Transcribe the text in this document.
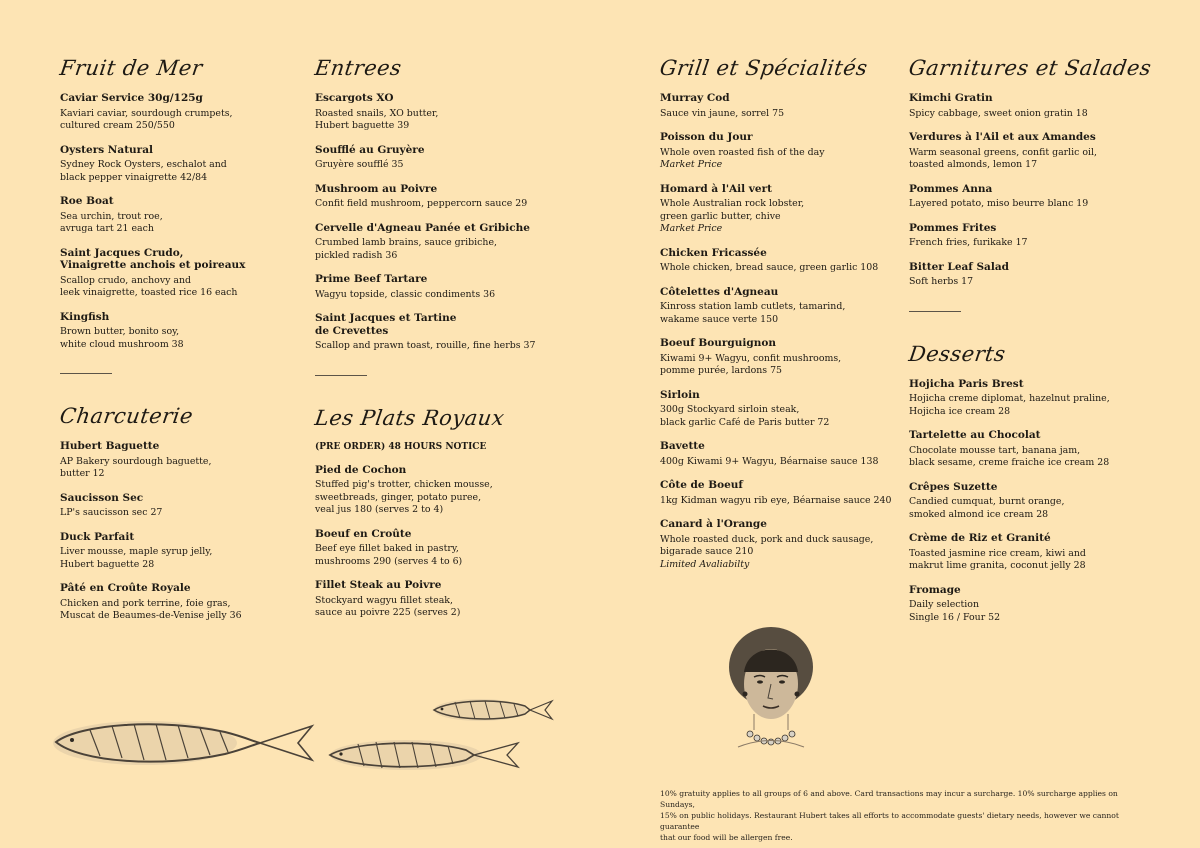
Fruit de Mer
Caviar Service 30g/125g
Kaviari caviar, sourdough crumpets,
cultured cream 250/550
Oysters Natural
Sydney Rock Oysters, eschalot and
black pepper vinaigrette 42/84
Roe Boat
Sea urchin, trout roe,
avruga tart 21 each
Saint Jacques Crudo,
Vinaigrette anchois et poireaux
Scallop crudo, anchovy and
leek vinaigrette, toasted rice 16 each
Kingfish
Brown butter, bonito soy,
white cloud mushroom 38
Charcuterie
Hubert Baguette
AP Bakery sourdough baguette,
butter 12
Saucisson Sec
LP's saucisson sec 27
Duck Parfait
Liver mousse, maple syrup jelly,
Hubert baguette 28
Pâté en Croûte Royale
Chicken and pork terrine, foie gras,
Muscat de Beaumes-de-Venise jelly 36
Entrees
Escargots XO
Roasted snails, XO butter,
Hubert baguette 39
Soufflé au Gruyère
Gruyère soufflé 35
Mushroom au Poivre
Confit field mushroom, peppercorn sauce 29
Cervelle d'Agneau Panée et Gribiche
Crumbed lamb brains, sauce gribiche,
pickled radish 36
Prime Beef Tartare
Wagyu topside, classic condiments 36
Saint Jacques et Tartine
de Crevettes
Scallop and prawn toast, rouille, fine herbs 37
Les Plats Royaux
(PRE ORDER) 48 HOURS NOTICE
Pied de Cochon
Stuffed pig's trotter, chicken mousse,
sweetbreads, ginger, potato puree,
veal jus 180 (serves 2 to 4)
Boeuf en Croûte
Beef eye fillet baked in pastry,
mushrooms 290 (serves 4 to 6)
Fillet Steak au Poivre
Stockyard wagyu fillet steak,
sauce au poivre 225 (serves 2)
Grill et Spécialités
Murray Cod
Sauce vin jaune, sorrel 75
Poisson du Jour
Whole oven roasted fish of the day
Market Price
Homard à l'Ail vert
Whole Australian rock lobster,
green garlic butter, chive
Market Price
Chicken Fricassée
Whole chicken, bread sauce, green garlic 108
Côtelettes d'Agneau
Kinross station lamb cutlets, tamarind,
wakame sauce verte 150
Boeuf Bourguignon
Kiwami 9+ Wagyu, confit mushrooms,
pomme purée, lardons 75
Sirloin
300g Stockyard sirloin steak,
black garlic Café de Paris butter 72
Bavette
400g Kiwami 9+ Wagyu, Béarnaise sauce 138
Côte de Boeuf
1kg Kidman wagyu rib eye, Béarnaise sauce 240
Canard à l'Orange
Whole roasted duck, pork and duck sausage,
bigarade sauce 210
Limited Avaliabilty
Garnitures et Salades
Kimchi Gratin
Spicy cabbage, sweet onion gratin 18
Verdures à l'Ail et aux Amandes
Warm seasonal greens, confit garlic oil,
toasted almonds, lemon 17
Pommes Anna
Layered potato, miso beurre blanc 19
Pommes Frites
French fries, furikake 17
Bitter Leaf Salad
Soft herbs 17
Desserts
Hojicha Paris Brest
Hojicha creme diplomat, hazelnut praline,
Hojicha ice cream 28
Tartelette au Chocolat
Chocolate mousse tart, banana jam,
black sesame, creme fraiche ice cream 28
Crêpes Suzette
Candied cumquat, burnt orange,
smoked almond ice cream 28
Crème de Riz et Granité
Toasted jasmine rice cream, kiwi and
makrut lime granita, coconut jelly 28
Fromage
Daily selection
Single 16 / Four 52
10% gratuity applies to all groups of 6 and above. Card transactions may incur a surcharge. 10% surcharge applies on Sundays,
15% on public holidays. Restaurant Hubert takes all efforts to accommodate guests' dietary needs, however we cannot guarantee
that our food will be allergen free.
